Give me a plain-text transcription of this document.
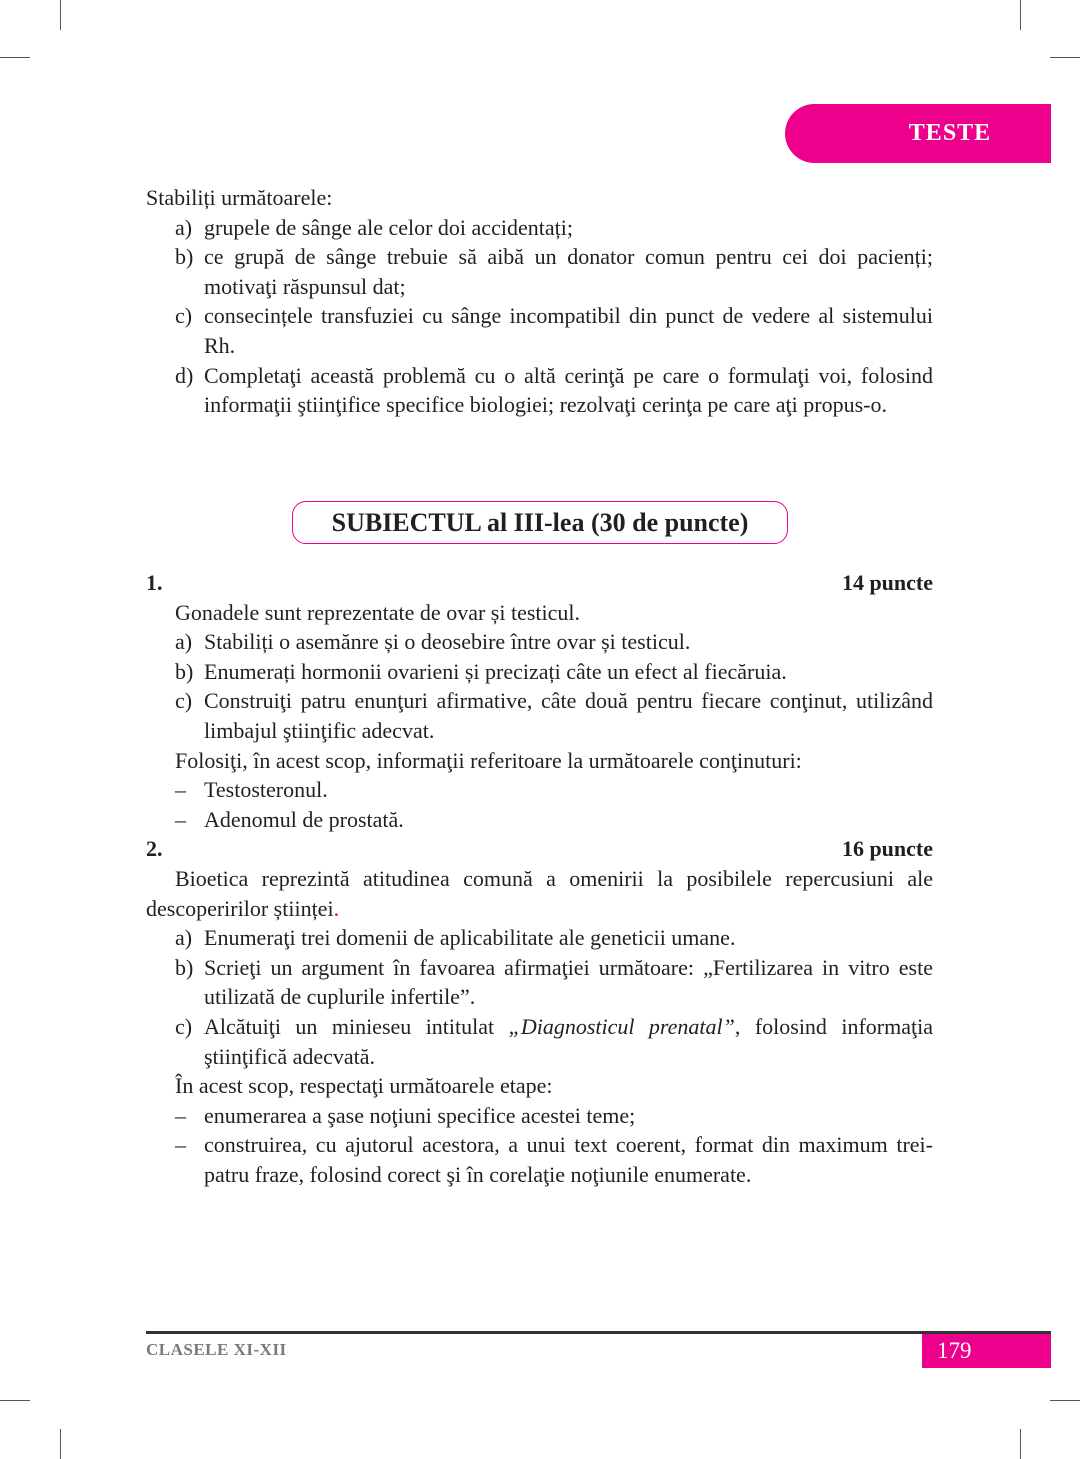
TESTE
Stabiliți următoarele:
a) grupele de sânge ale celor doi accidentați;
b) ce grupă de sânge trebuie să aibă un donator comun pentru cei doi pacienți; motivaţi răspunsul dat;
c) consecințele transfuziei cu sânge incompatibil din punct de vedere al sistemului Rh.
d) Completaţi această problemă cu o altă cerinţă pe care o formulaţi voi, folosind informaţii ştiinţifice specifice biologiei; rezolvaţi cerinţa pe care aţi propus-o.
SUBIECTUL al III-lea (30 de puncte)
1.	14 puncte
Gonadele sunt reprezentate de ovar și testicul.
a) Stabiliți o asemănre și o deosebire între ovar și testicul.
b) Enumerați hormonii ovarieni și precizați câte un efect al fiecăruia.
c) Construiţi patru enunţuri afirmative, câte două pentru fiecare conţinut, utilizând limbajul ştiinţific adecvat.
Folosiţi, în acest scop, informaţii referitoare la următoarele conţinuturi:
– Testosteronul.
– Adenomul de prostată.
2.	16 puncte
Bioetica reprezintă atitudinea comună a omenirii la posibilele repercusiuni ale descoperirilor științei.
a) Enumeraţi trei domenii de aplicabilitate ale geneticii umane.
b) Scrieţi un argument în favoarea afirmaţiei următoare: „Fertilizarea in vitro este utilizată de cuplurile infertile”.
c) Alcătuiţi un minieseu intitulat „Diagnosticul prenatal”, folosind informaţia ştiinţifică adecvată.
În acest scop, respectaţi următoarele etape:
– enumerarea a şase noţiuni specifice acestei teme;
– construirea, cu ajutorul acestora, a unui text coerent, format din maximum trei-patru fraze, folosind corect şi în corelaţie noţiunile enumerate.
CLASELE XI-XII	179
